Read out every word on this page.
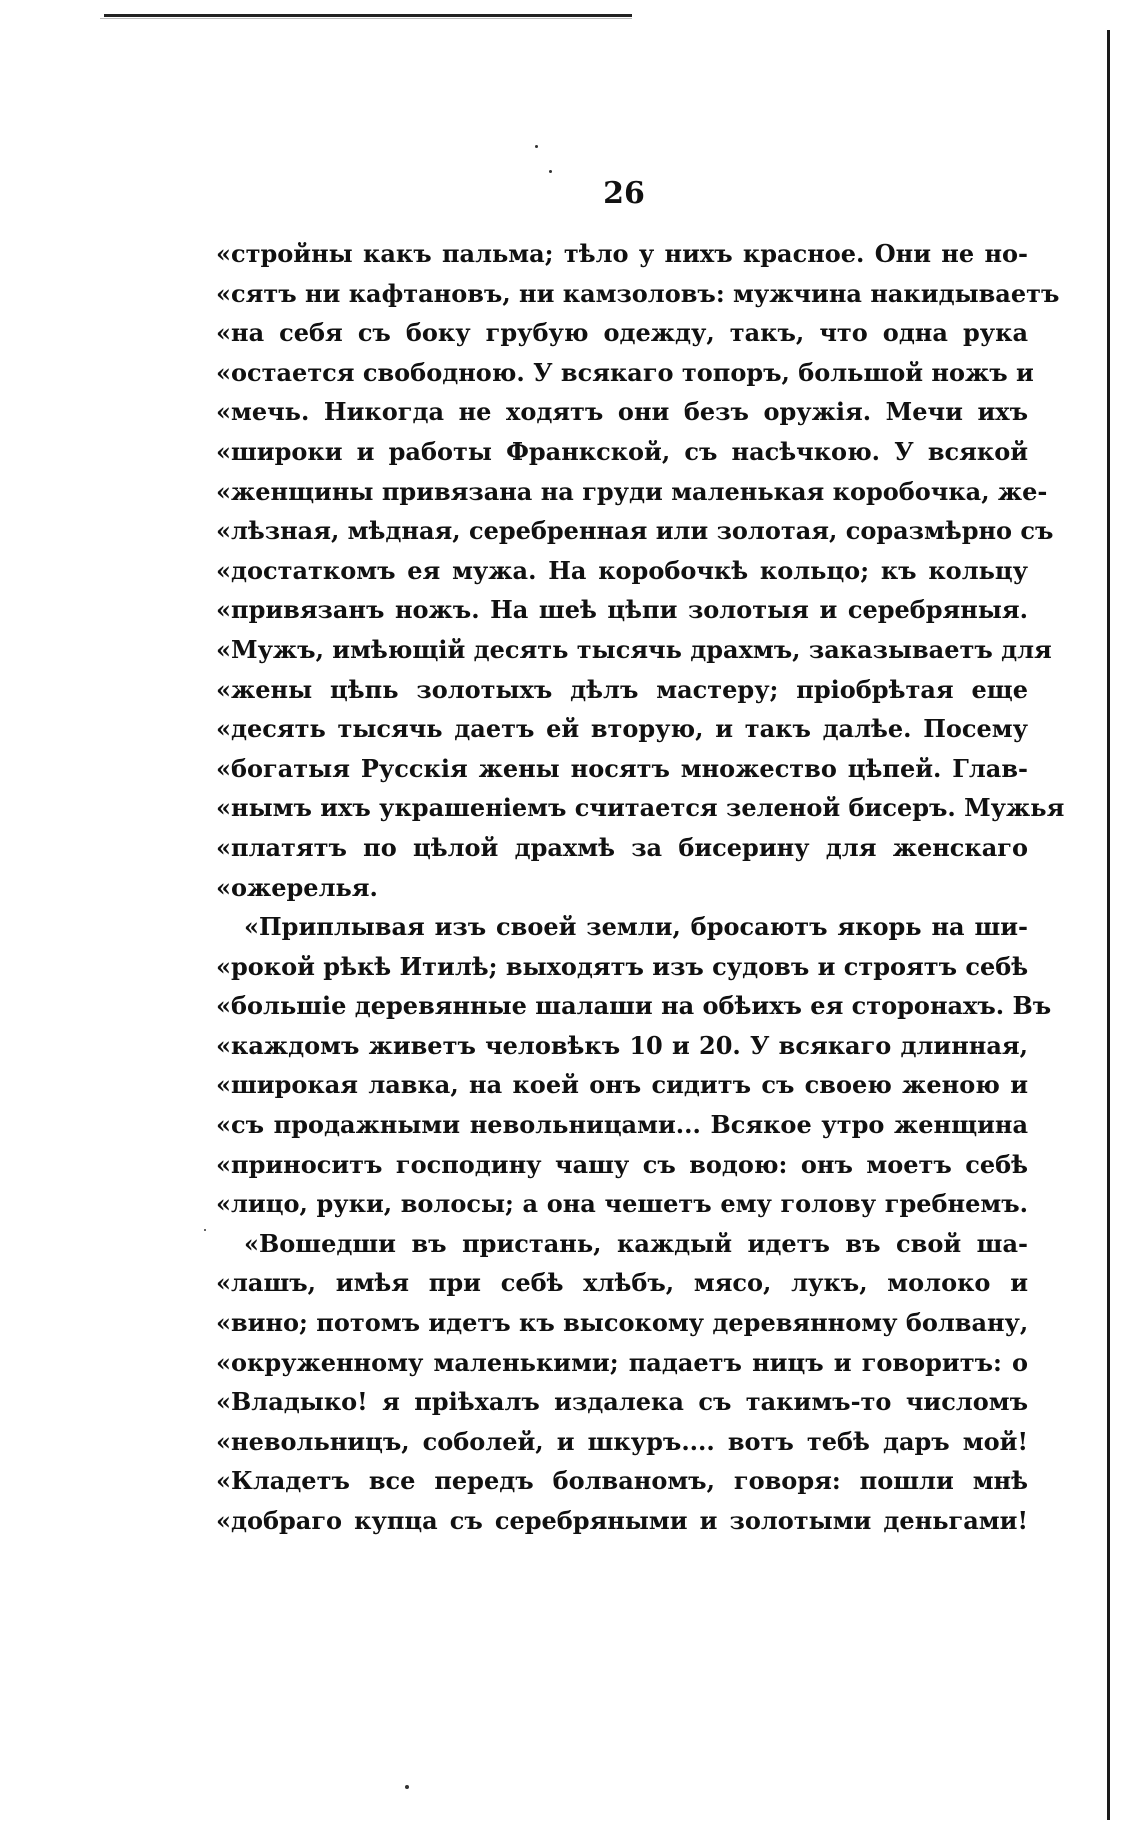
26
«стройны какъ пальма; тѣло у нихъ красное. Они не но-
«сятъ ни кафтановъ, ни камзоловъ: мужчина накидываетъ
«на себя съ боку грубую одежду, такъ, что одна рука
«остается свободною. У всякаго топоръ, большой ножъ и
«мечь. Никогда не ходятъ они безъ оружія. Мечи ихъ
«широки и работы Франкской, съ насѣчкою. У всякой
«женщины привязана на груди маленькая коробочка, же-
«лѣзная, мѣдная, серебренная или золотая, соразмѣрно съ
«достаткомъ ея мужа. На коробочкѣ кольцо; къ кольцу
«привязанъ ножъ. На шеѣ цѣпи золотыя и серебряныя.
«Мужъ, имѣющій десять тысячь драхмъ, заказываетъ для
«жены цѣпь золотыхъ дѣлъ мастеру; пріобрѣтая еще
«десять тысячь даетъ ей вторую, и такъ далѣе. Посему
«богатыя Русскія жены носятъ множество цѣпей. Глав-
«нымъ ихъ украшеніемъ считается зеленой бисеръ. Мужья
«платятъ по цѣлой драхмѣ за бисерину для женскаго
«ожерелья.
«Приплывая изъ своей земли, бросаютъ якорь на ши-
«рокой рѣкѣ Итилѣ; выходятъ изъ судовъ и строятъ себѣ
«большіе деревянные шалаши на обѣихъ ея сторонахъ. Въ
«каждомъ живетъ человѣкъ 10 и 20. У всякаго длинная,
«широкая лавка, на коей онъ сидитъ съ своею женою и
«съ продажными невольницами... Всякое утро женщина
«приноситъ господину чашу съ водою: онъ моетъ себѣ
«лицо, руки, волосы; а она чешетъ ему голову гребнемъ.
«Вошедши въ пристань, каждый идетъ въ свой ша-
«лашъ, имѣя при себѣ хлѣбъ, мясо, лукъ, молоко и
«вино; потомъ идетъ къ высокому деревянному болвану,
«окруженному маленькими; падаетъ ницъ и говоритъ: о
«Владыко! я пріѣхалъ издалека съ такимъ-то числомъ
«невольницъ, соболей, и шкуръ.... вотъ тебѣ даръ мой!
«Кладетъ все передъ болваномъ, говоря: пошли мнѣ
«добраго купца съ серебряными и золотыми деньгами!
